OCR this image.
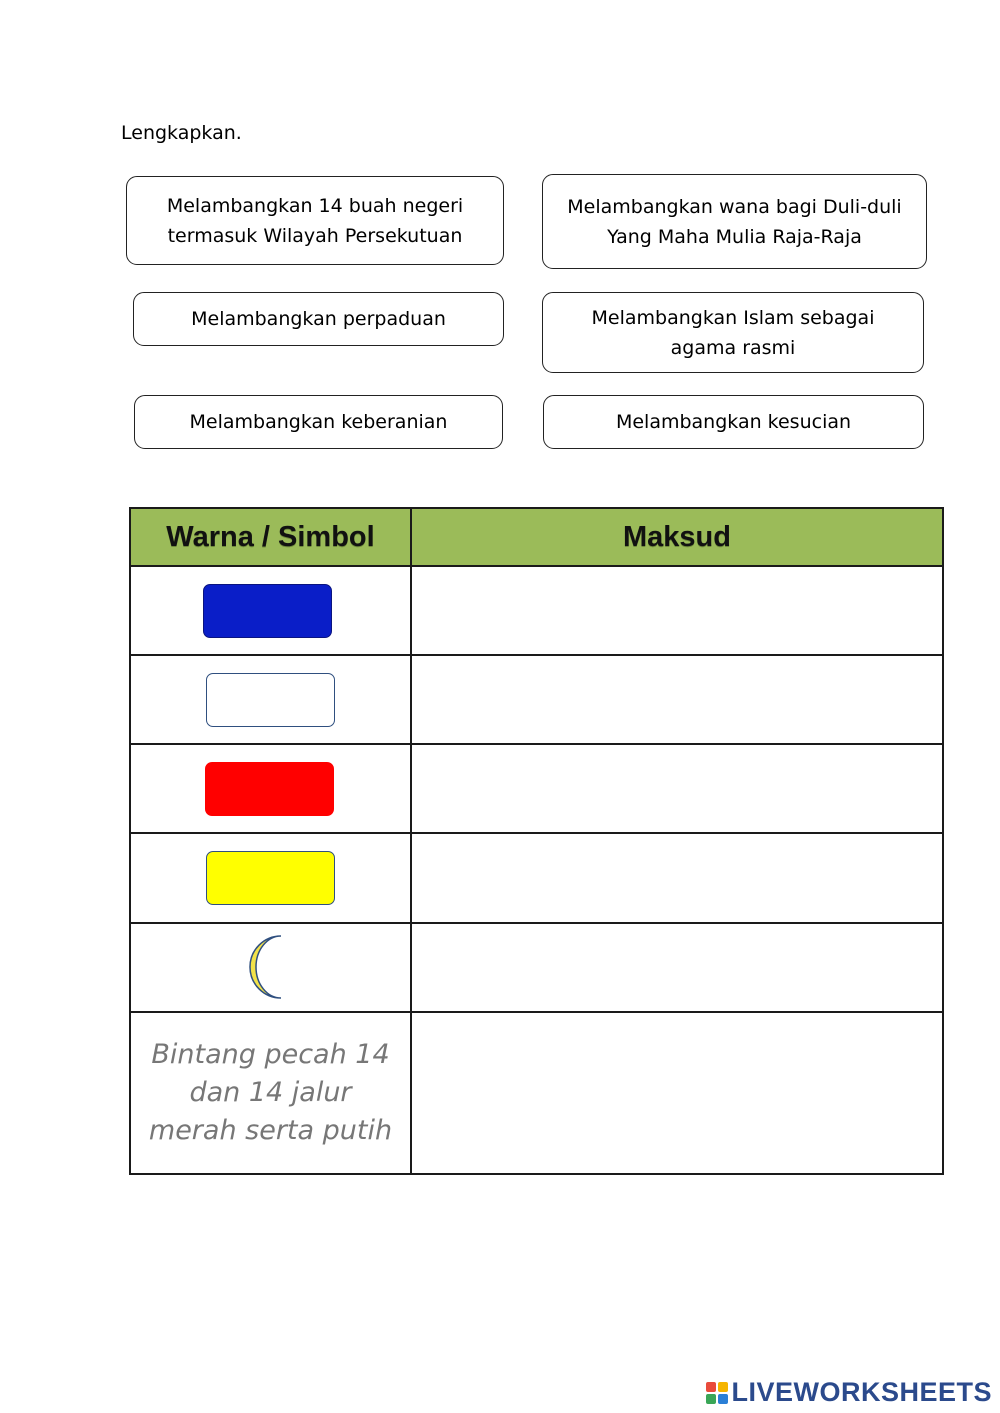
Lengkapkan.
Melambangkan 14 buah negeri
termasuk Wilayah Persekutuan
Melambangkan wana bagi Duli-duli
Yang Maha Mulia Raja-Raja
Melambangkan perpaduan	Melambangkan Islam sebagai
agama rasmi
Melambangkan keberanian	Melambangkan kesucian
Warna / Simbol	Maksud

Bintang pecah 14
dan 14 jalur
merah serta putih	

LIVEWORKSHEETS
